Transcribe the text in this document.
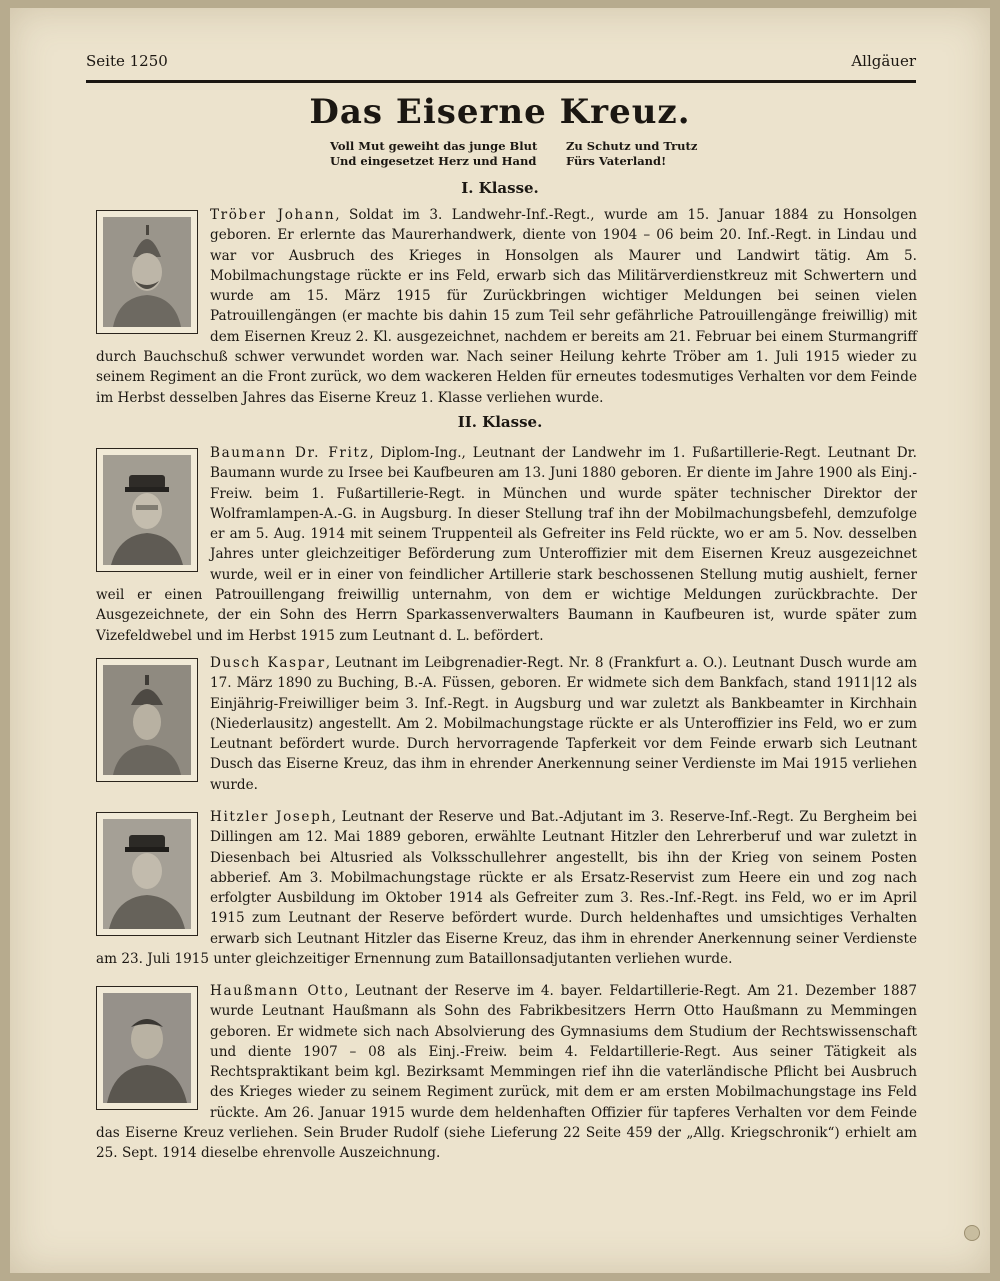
Seite 1250	Allgäuer
Das Eiserne Kreuz.
Voll Mut geweiht das junge Blut
Und eingesetzet Herz und Hand
Zu Schutz und Trutz
Fürs Vaterland!
I. Klasse.
Tröber Johann, Soldat im 3. Landwehr-Inf.-Regt., wurde am 15. Januar 1884 zu Honsolgen geboren. Er erlernte das Maurerhandwerk, diente von 1904 – 06 beim 20. Inf.-Regt. in Lindau und war vor Ausbruch des Krieges in Honsolgen als Maurer und Landwirt tätig. Am 5. Mobilmachungstage rückte er ins Feld, erwarb sich das Militärverdienstkreuz mit Schwertern und wurde am 15. März 1915 für Zurückbringen wichtiger Meldungen bei seinen vielen Patrouillengängen (er machte bis dahin 15 zum Teil sehr gefährliche Patrouillengänge freiwillig) mit dem Eisernen Kreuz 2. Kl. ausgezeichnet, nachdem er bereits am 21. Februar bei einem Sturmangriff durch Bauchschuß schwer verwundet worden war. Nach seiner Heilung kehrte Tröber am 1. Juli 1915 wieder zu seinem Regiment an die Front zurück, wo dem wackeren Helden für erneutes todesmutiges Verhalten vor dem Feinde im Herbst desselben Jahres das Eiserne Kreuz 1. Klasse verliehen wurde.
II. Klasse.
Baumann Dr. Fritz, Diplom-Ing., Leutnant der Landwehr im 1. Fußartillerie-Regt. Leutnant Dr. Baumann wurde zu Irsee bei Kaufbeuren am 13. Juni 1880 geboren. Er diente im Jahre 1900 als Einj.-Freiw. beim 1. Fußartillerie-Regt. in München und wurde später technischer Direktor der Wolframlampen-A.-G. in Augsburg. In dieser Stellung traf ihn der Mobilmachungsbefehl, demzufolge er am 5. Aug. 1914 mit seinem Truppenteil als Gefreiter ins Feld rückte, wo er am 5. Nov. desselben Jahres unter gleichzeitiger Beförderung zum Unteroffizier mit dem Eisernen Kreuz ausgezeichnet wurde, weil er in einer von feindlicher Artillerie stark beschossenen Stellung mutig aushielt, ferner weil er einen Patrouillengang freiwillig unternahm, von dem er wichtige Meldungen zurückbrachte. Der Ausgezeichnete, der ein Sohn des Herrn Sparkassenverwalters Baumann in Kaufbeuren ist, wurde später zum Vizefeldwebel und im Herbst 1915 zum Leutnant d. L. befördert.
Dusch Kaspar, Leutnant im Leibgrenadier-Regt. Nr. 8 (Frankfurt a. O.). Leutnant Dusch wurde am 17. März 1890 zu Buching, B.-A. Füssen, geboren. Er widmete sich dem Bankfach, stand 1911|12 als Einjährig-Freiwilliger beim 3. Inf.-Regt. in Augsburg und war zuletzt als Bankbeamter in Kirchhain (Niederlausitz) angestellt. Am 2. Mobilmachungstage rückte er als Unteroffizier ins Feld, wo er zum Leutnant befördert wurde. Durch hervorragende Tapferkeit vor dem Feinde erwarb sich Leutnant Dusch das Eiserne Kreuz, das ihm in ehrender Anerkennung seiner Verdienste im Mai 1915 verliehen wurde.
Hitzler Joseph, Leutnant der Reserve und Bat.-Adjutant im 3. Reserve-Inf.-Regt. Zu Bergheim bei Dillingen am 12. Mai 1889 geboren, erwählte Leutnant Hitzler den Lehrerberuf und war zuletzt in Diesenbach bei Altusried als Volksschullehrer angestellt, bis ihn der Krieg von seinem Posten abberief. Am 3. Mobilmachungstage rückte er als Ersatz-Reservist zum Heere ein und zog nach erfolgter Ausbildung im Oktober 1914 als Gefreiter zum 3. Res.-Inf.-Regt. ins Feld, wo er im April 1915 zum Leutnant der Reserve befördert wurde. Durch heldenhaftes und umsichtiges Verhalten erwarb sich Leutnant Hitzler das Eiserne Kreuz, das ihm in ehrender Anerkennung seiner Verdienste am 23. Juli 1915 unter gleichzeitiger Ernennung zum Bataillonsadjutanten verliehen wurde.
Haußmann Otto, Leutnant der Reserve im 4. bayer. Feldartillerie-Regt. Am 21. Dezember 1887 wurde Leutnant Haußmann als Sohn des Fabrikbesitzers Herrn Otto Haußmann zu Memmingen geboren. Er widmete sich nach Absolvierung des Gymnasiums dem Studium der Rechtswissenschaft und diente 1907 – 08 als Einj.-Freiw. beim 4. Feldartillerie-Regt. Aus seiner Tätigkeit als Rechtspraktikant beim kgl. Bezirksamt Memmingen rief ihn die vaterländische Pflicht bei Ausbruch des Krieges wieder zu seinem Regiment zurück, mit dem er am ersten Mobilmachungstage ins Feld rückte. Am 26. Januar 1915 wurde dem heldenhaften Offizier für tapferes Verhalten vor dem Feinde das Eiserne Kreuz verliehen. Sein Bruder Rudolf (siehe Lieferung 22 Seite 459 der „Allg. Kriegschronik“) erhielt am 25. Sept. 1914 dieselbe ehrenvolle Auszeichnung.
